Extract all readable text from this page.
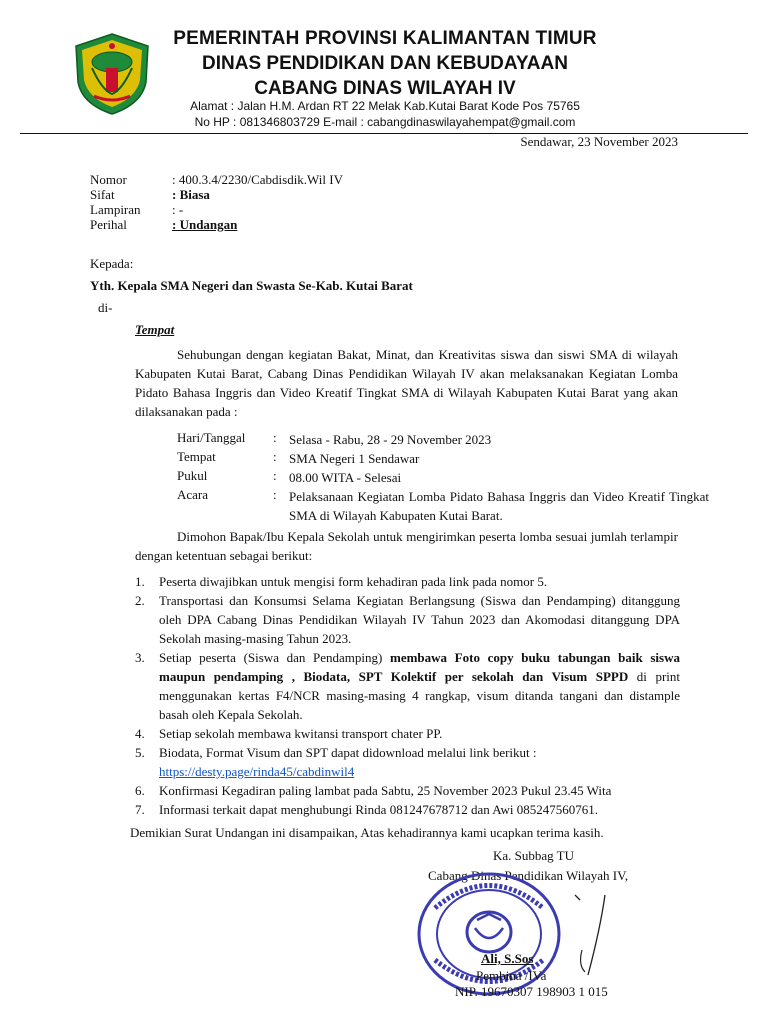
PEMERINTAH PROVINSI KALIMANTAN TIMUR
DINAS PENDIDIKAN DAN KEBUDAYAAN
CABANG DINAS WILAYAH IV
Alamat : Jalan H.M. Ardan RT 22 Melak Kab.Kutai Barat Kode Pos 75765
No HP : 081346803729 E-mail : cabangdinaswilayahempat@gmail.com
Sendawar, 23 November 2023
Nomor	: 400.3.4/2230/Cabdisdik.Wil IV
Sifat	: Biasa
Lampiran : -
Perihal	: Undangan
Kepada:
Yth. Kepala SMA Negeri dan Swasta Se-Kab. Kutai Barat
di-
Tempat
Sehubungan dengan kegiatan Bakat, Minat, dan Kreativitas siswa dan siswi SMA di wilayah Kabupaten Kutai Barat, Cabang Dinas Pendidikan Wilayah IV akan melaksanakan Kegiatan Lomba Pidato Bahasa Inggris dan Video Kreatif Tingkat SMA di Wilayah Kabupaten Kutai Barat yang akan dilaksanakan pada :
Hari/Tanggal : Selasa - Rabu, 28 - 29 November 2023
Tempat	: SMA Negeri 1 Sendawar
Pukul	: 08.00 WITA - Selesai
Acara	: Pelaksanaan Kegiatan Lomba Pidato Bahasa Inggris dan Video Kreatif Tingkat SMA di Wilayah Kabupaten Kutai Barat.
Dimohon Bapak/Ibu Kepala Sekolah untuk mengirimkan peserta lomba sesuai jumlah terlampir dengan ketentuan sebagai berikut:
1. Peserta diwajibkan untuk mengisi form kehadiran pada link pada nomor 5.
2. Transportasi dan Konsumsi Selama Kegiatan Berlangsung (Siswa dan Pendamping) ditanggung oleh DPA Cabang Dinas Pendidikan Wilayah IV Tahun 2023 dan Akomodasi ditanggung DPA Sekolah masing-masing Tahun 2023.
3. Setiap peserta (Siswa dan Pendamping) membawa Foto copy buku tabungan baik siswa maupun pendamping , Biodata, SPT Kolektif per sekolah dan Visum SPPD di print menggunakan kertas F4/NCR masing-masing 4 rangkap, visum ditanda tangani dan distample basah oleh Kepala Sekolah.
4. Setiap sekolah membawa kwitansi transport chater PP.
5. Biodata, Format Visum dan SPT dapat didownload melalui link berikut :
https://desty.page/rinda45/cabdinwil4
6. Konfirmasi Kegadiran paling lambat pada Sabtu, 25 November 2023 Pukul 23.45 Wita
7. Informasi terkait dapat menghubungi Rinda 081247678712 dan Awi 085247560761.
Demikian Surat Undangan ini disampaikan, Atas kehadirannya kami ucapkan terima kasih.
Ka. Subbag TU
Cabang Dinas Pendidikan Wilayah IV,
Ali, S.Sos
Pembina /IVa
NIP. 19670307 198903 1 015
